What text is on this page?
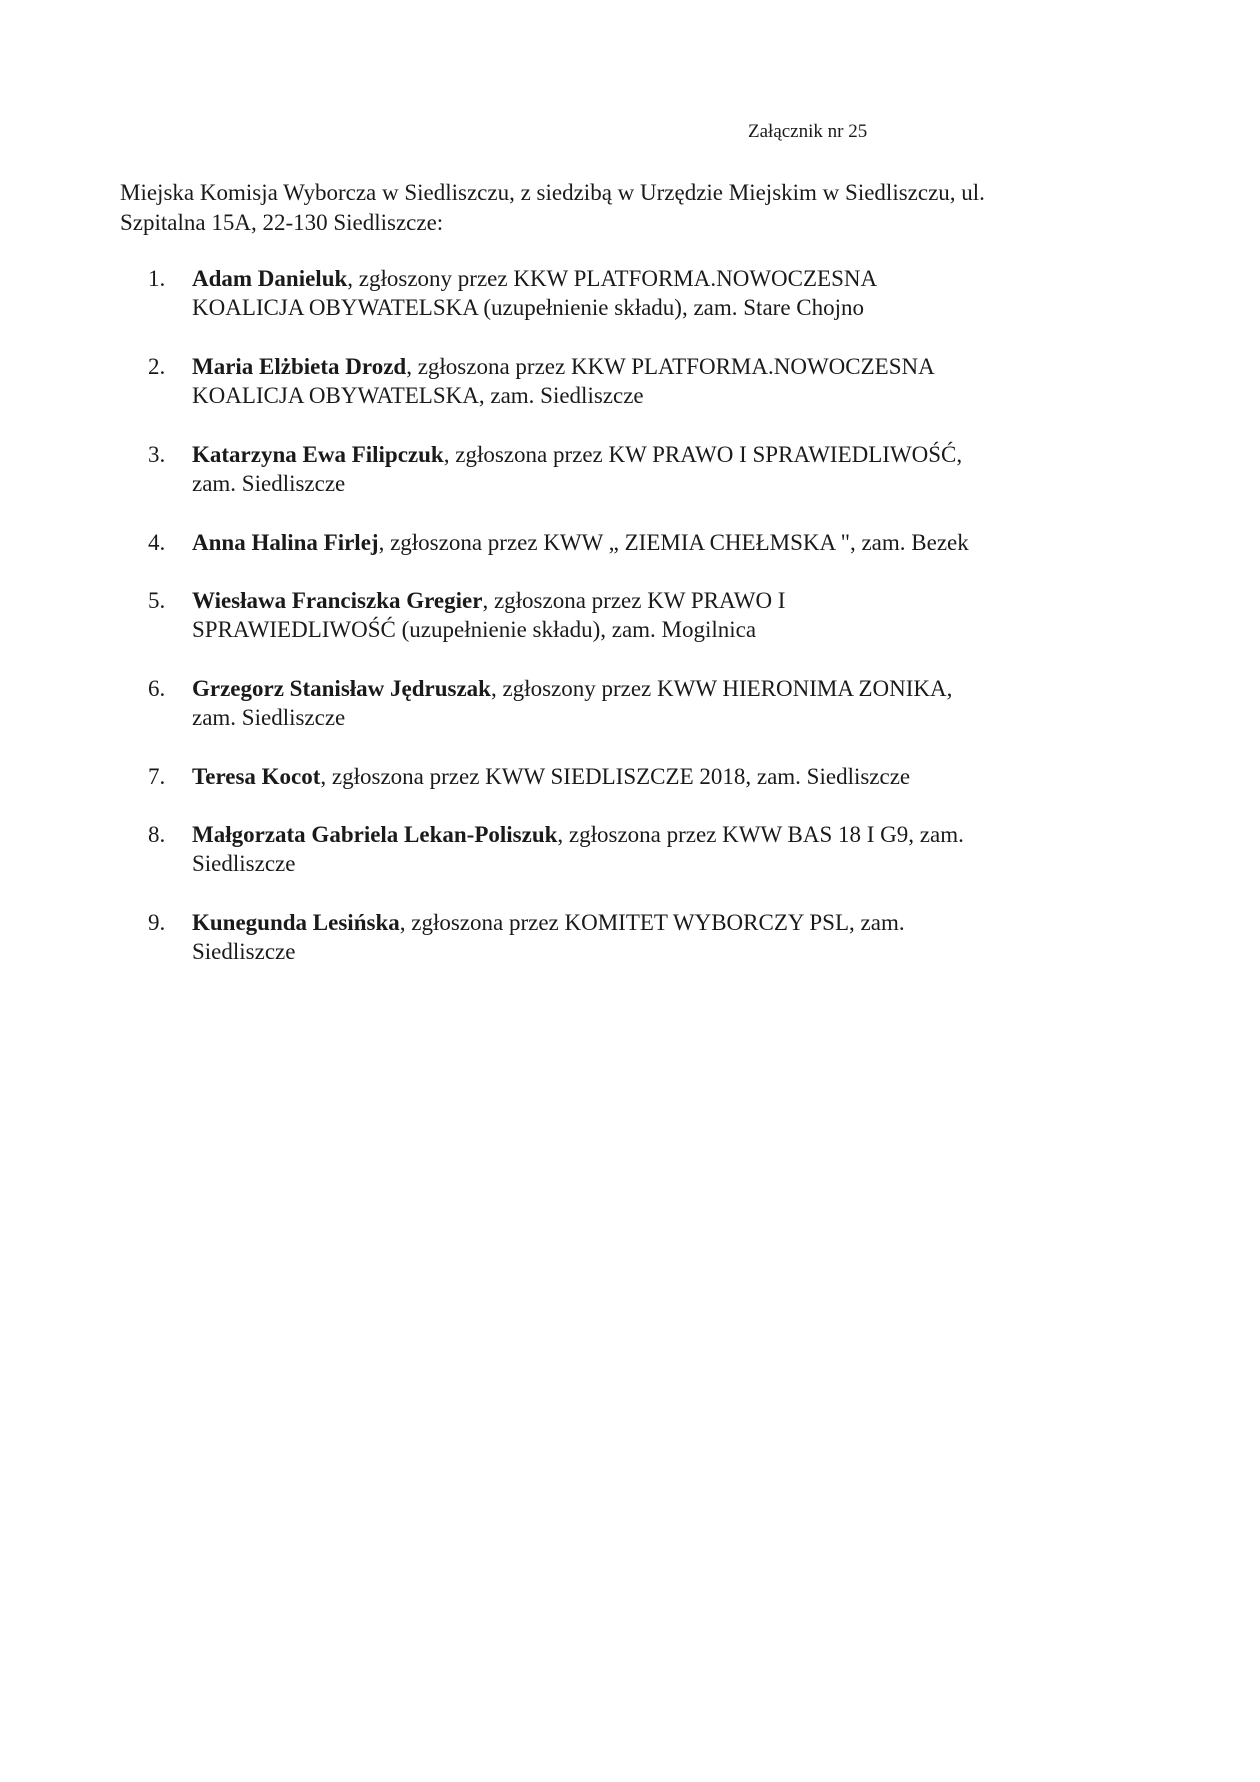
Załącznik nr 25
Miejska Komisja Wyborcza w Siedliszczu, z siedzibą w Urzędzie Miejskim w Siedliszczu, ul.
Szpitalna 15A, 22-130 Siedliszcze:
1.	Adam Danieluk, zgłoszony przez KKW PLATFORMA.NOWOCZESNA
KOALICJA OBYWATELSKA (uzupełnienie składu), zam. Stare Chojno
2.	Maria Elżbieta Drozd, zgłoszona przez KKW PLATFORMA.NOWOCZESNA
KOALICJA OBYWATELSKA, zam. Siedliszcze
3.	Katarzyna Ewa Filipczuk, zgłoszona przez KW PRAWO I SPRAWIEDLIWOŚĆ,
zam. Siedliszcze
4.	Anna Halina Firlej, zgłoszona przez KWW „ ZIEMIA CHEŁMSKA ", zam. Bezek
5.	Wiesława Franciszka Gregier, zgłoszona przez KW PRAWO I
SPRAWIEDLIWOŚĆ (uzupełnienie składu), zam. Mogilnica
6.	Grzegorz Stanisław Jędruszak, zgłoszony przez KWW HIERONIMA ZONIKA,
zam. Siedliszcze
7.	Teresa Kocot, zgłoszona przez KWW SIEDLISZCZE 2018, zam. Siedliszcze
8.	Małgorzata Gabriela Lekan-Poliszuk, zgłoszona przez KWW BAS 18 I G9, zam.
Siedliszcze
9.	Kunegunda Lesińska, zgłoszona przez KOMITET WYBORCZY PSL, zam.
Siedliszcze
